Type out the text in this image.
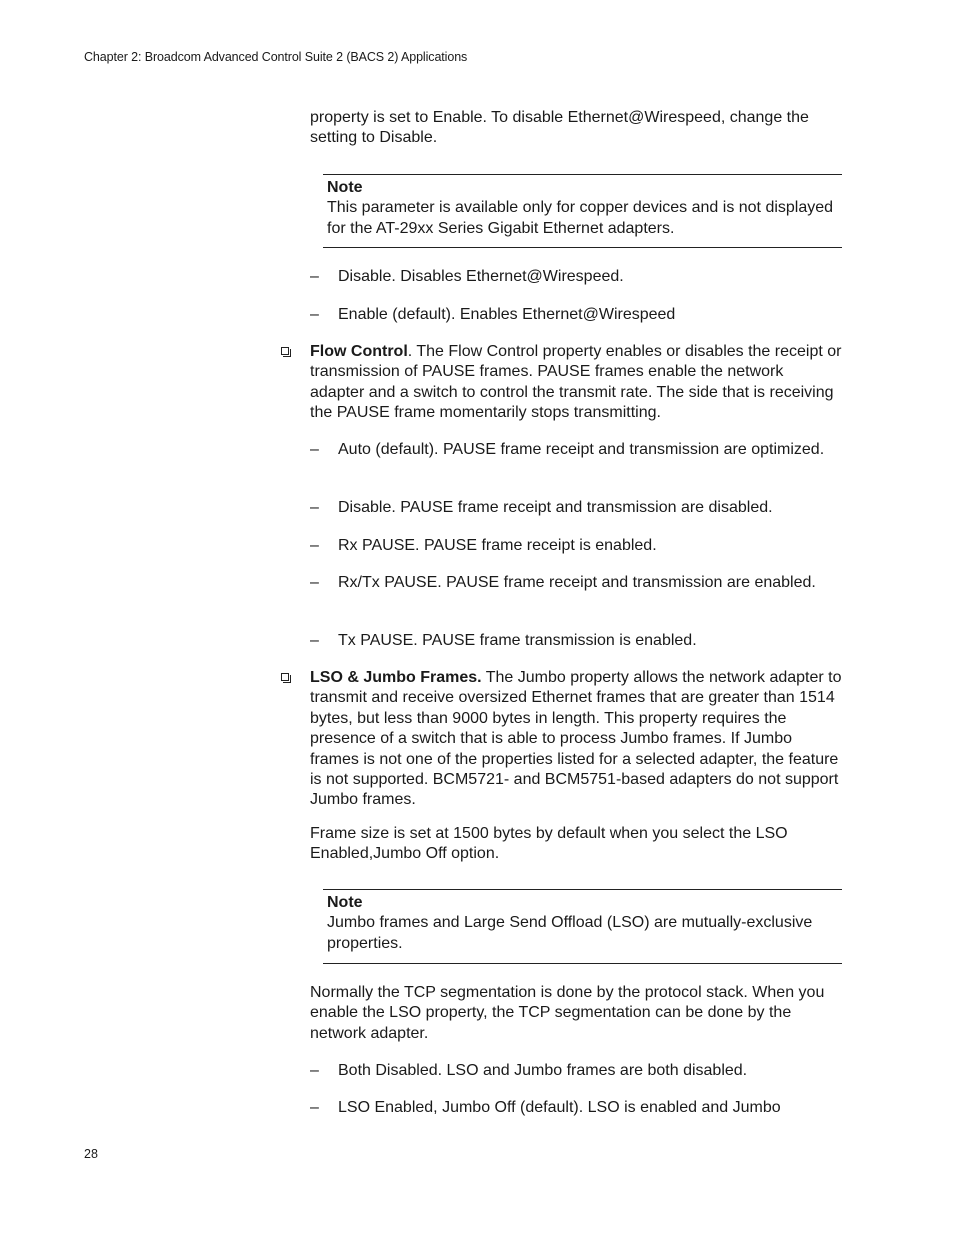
Chapter 2: Broadcom Advanced Control Suite 2 (BACS 2) Applications

property is set to Enable. To disable Ethernet@Wirespeed, change the setting to Disable.

Note
This parameter is available only for copper devices and is not displayed for the AT-29xx Series Gigabit Ethernet adapters.
–	Disable. Disables Ethernet@Wirespeed.
–	Enable (default). Enables Ethernet@Wirespeed
Flow Control. The Flow Control property enables or disables the receipt or transmission of PAUSE frames. PAUSE frames enable the network adapter and a switch to control the transmit rate. The side that is receiving the PAUSE frame momentarily stops transmitting.
–	Auto (default). PAUSE frame receipt and transmission are optimized.
–	Disable. PAUSE frame receipt and transmission are disabled.
–	Rx PAUSE. PAUSE frame receipt is enabled.
–	Rx/Tx PAUSE. PAUSE frame receipt and transmission are enabled.
–	Tx PAUSE. PAUSE frame transmission is enabled.
LSO & Jumbo Frames. The Jumbo property allows the network adapter to transmit and receive oversized Ethernet frames that are greater than 1514 bytes, but less than 9000 bytes in length. This property requires the presence of a switch that is able to process Jumbo frames. If Jumbo frames is not one of the properties listed for a selected adapter, the feature is not supported. BCM5721- and BCM5751-based adapters do not support Jumbo frames.

Frame size is set at 1500 bytes by default when you select the LSO Enabled,Jumbo Off option.

Note
Jumbo frames and Large Send Offload (LSO) are mutually-exclusive properties.

Normally the TCP segmentation is done by the protocol stack. When you enable the LSO property, the TCP segmentation can be done by the network adapter.

–	Both Disabled. LSO and Jumbo frames are both disabled.
–	LSO Enabled, Jumbo Off (default). LSO is enabled and Jumbo
28
